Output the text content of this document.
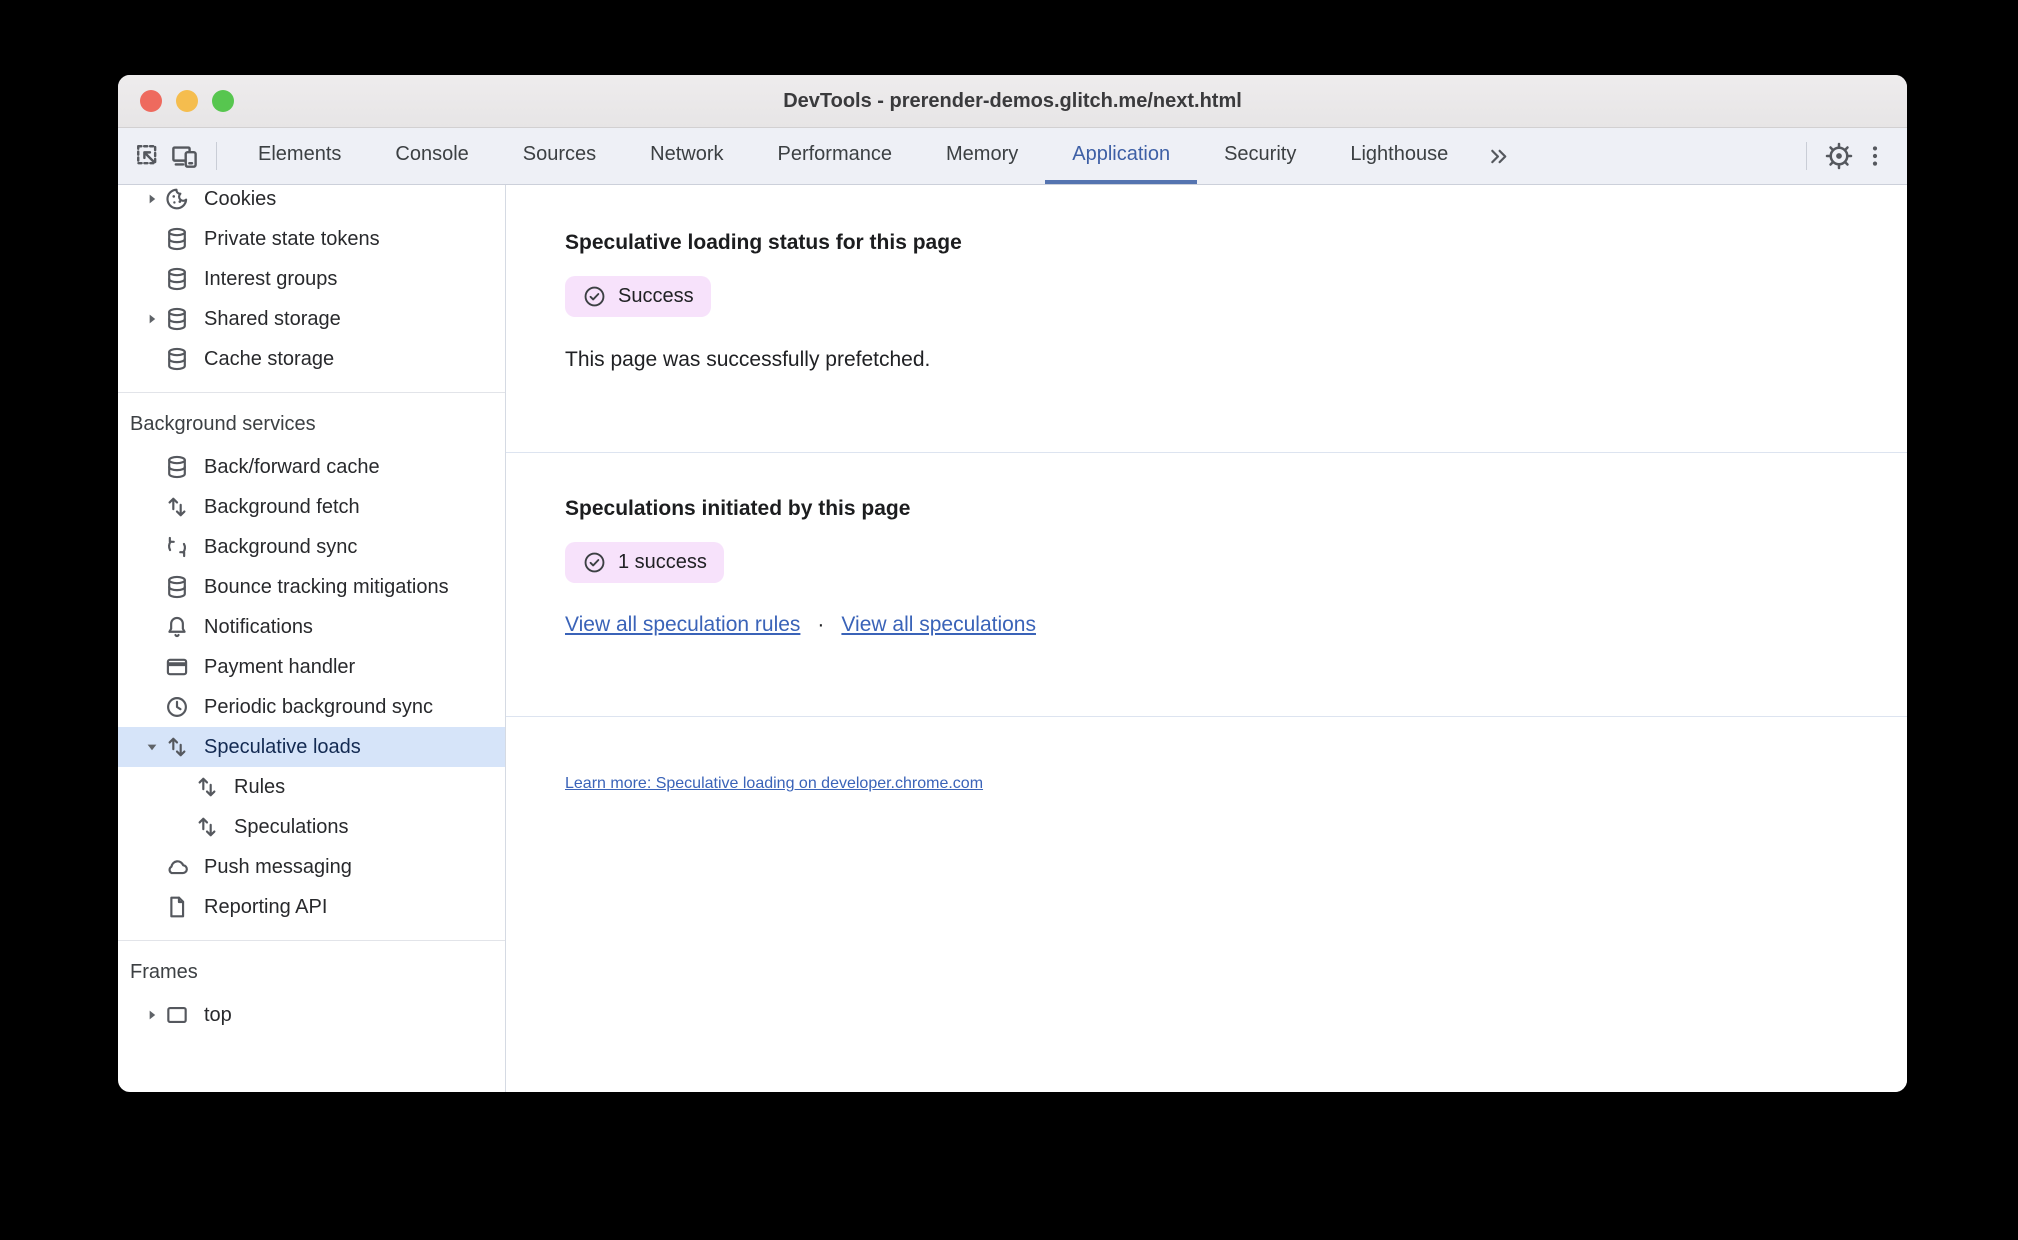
DevTools - prerender-demos.glitch.me/next.html
Elements	Console	Sources	Network	Performance	Memory	Application	Security	Lighthouse
Cookies
Private state tokens
Interest groups
Shared storage
Cache storage
Background services
Back/forward cache
Background fetch
Background sync
Bounce tracking mitigations
Notifications
Payment handler
Periodic background sync
Speculative loads
Rules
Speculations
Push messaging
Reporting API
Frames
top
Speculative loading status for this page
Success
This page was successfully prefetched.
Speculations initiated by this page
1 success
View all speculation rules · View all speculations
Learn more: Speculative loading on developer.chrome.com
